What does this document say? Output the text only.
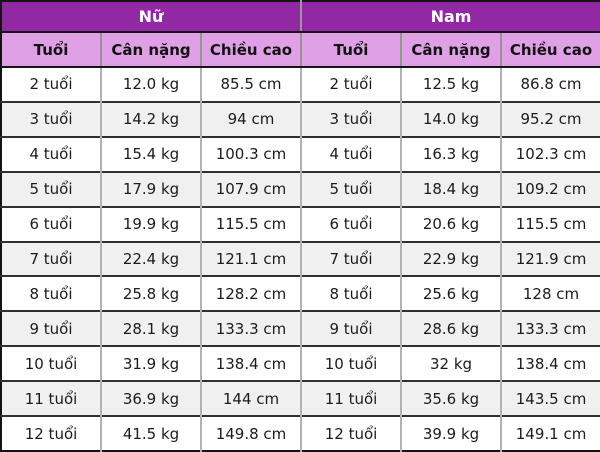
Nữ			Nam		
Tuổi	Cân nặng	Chiều cao	Tuổi	Cân nặng	Chiều cao
2 tuổi	12.0 kg	85.5 cm	2 tuổi	12.5 kg	86.8 cm
3 tuổi	14.2 kg	94 cm	3 tuổi	14.0 kg	95.2 cm
4 tuổi	15.4 kg	100.3 cm	4 tuổi	16.3 kg	102.3 cm
5 tuổi	17.9 kg	107.9 cm	5 tuổi	18.4 kg	109.2 cm
6 tuổi	19.9 kg	115.5 cm	6 tuổi	20.6 kg	115.5 cm
7 tuổi	22.4 kg	121.1 cm	7 tuổi	22.9 kg	121.9 cm
8 tuổi	25.8 kg	128.2 cm	8 tuổi	25.6 kg	128 cm
9 tuổi	28.1 kg	133.3 cm	9 tuổi	28.6 kg	133.3 cm
10 tuổi	31.9 kg	138.4 cm	10 tuổi	32 kg	138.4 cm
11 tuổi	36.9 kg	144 cm	11 tuổi	35.6 kg	143.5 cm
12 tuổi	41.5 kg	149.8 cm	12 tuổi	39.9 kg	149.1 cm
